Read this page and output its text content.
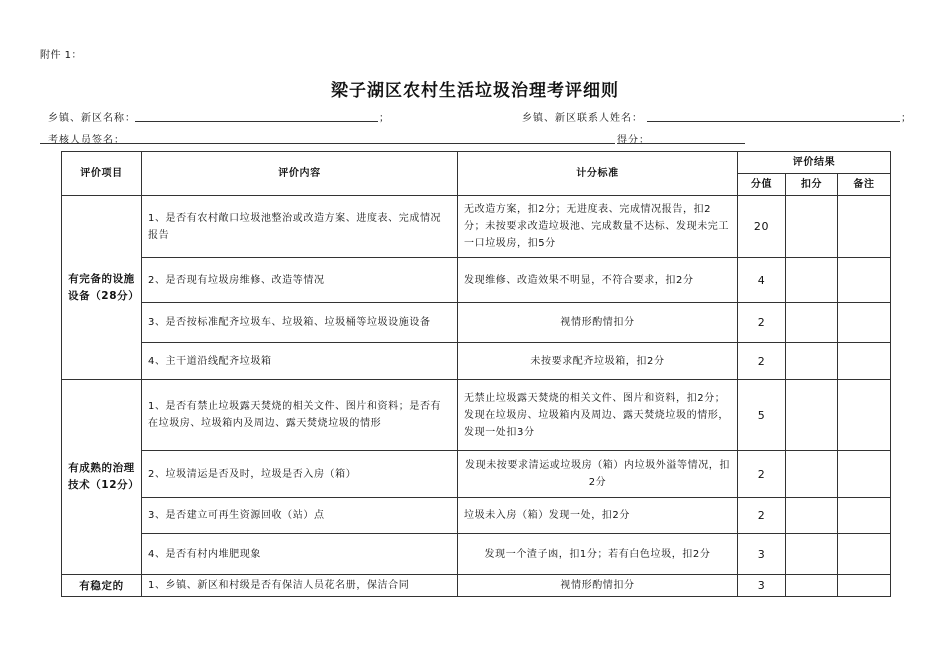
附件 1：
梁子湖区农村生活垃圾治理考评细则
乡镇、新区名称：	；	乡镇、新区联系人姓名：	；
考核人员签名：	得分：
评价项目	评价内容	计分标准	评价结果		
			分值	扣分	备注
有完备的设施设备（28分）	1、是否有农村敞口垃圾池整治或改造方案、进度表、完成情况报告	无改造方案，扣2分；无进度表、完成情况报告，扣2分；未按要求改造垃圾池、完成数量不达标、发现未完工一口垃圾房，扣5分	20		
	2、是否现有垃圾房维修、改造等情况	发现维修、改造效果不明显，不符合要求，扣2分	4		
	3、是否按标准配齐垃圾车、垃圾箱、垃圾桶等垃圾设施设备	视情形酌情扣分	2		
	4、主干道沿线配齐垃圾箱	未按要求配齐垃圾箱，扣2分	2		
有成熟的治理技术（12分）	1、是否有禁止垃圾露天焚烧的相关文件、图片和资料；是否有在垃圾房、垃圾箱内及周边、露天焚烧垃圾的情形	无禁止垃圾露天焚烧的相关文件、图片和资料，扣2分；发现在垃圾房、垃圾箱内及周边、露天焚烧垃圾的情形，发现一处扣3分	5		
	2、垃圾清运是否及时，垃圾是否入房（箱）	发现未按要求清运或垃圾房（箱）内垃圾外溢等情况，扣2分	2		
	3、是否建立可再生资源回收（站）点	垃圾未入房（箱）发现一处，扣2分	2		
	4、是否有村内堆肥现象	发现一个渣子凼，扣1分；若有白色垃圾，扣2分	3		
有稳定的	1、乡镇、新区和村级是否有保洁人员花名册，保洁合同	视情形酌情扣分	3		
